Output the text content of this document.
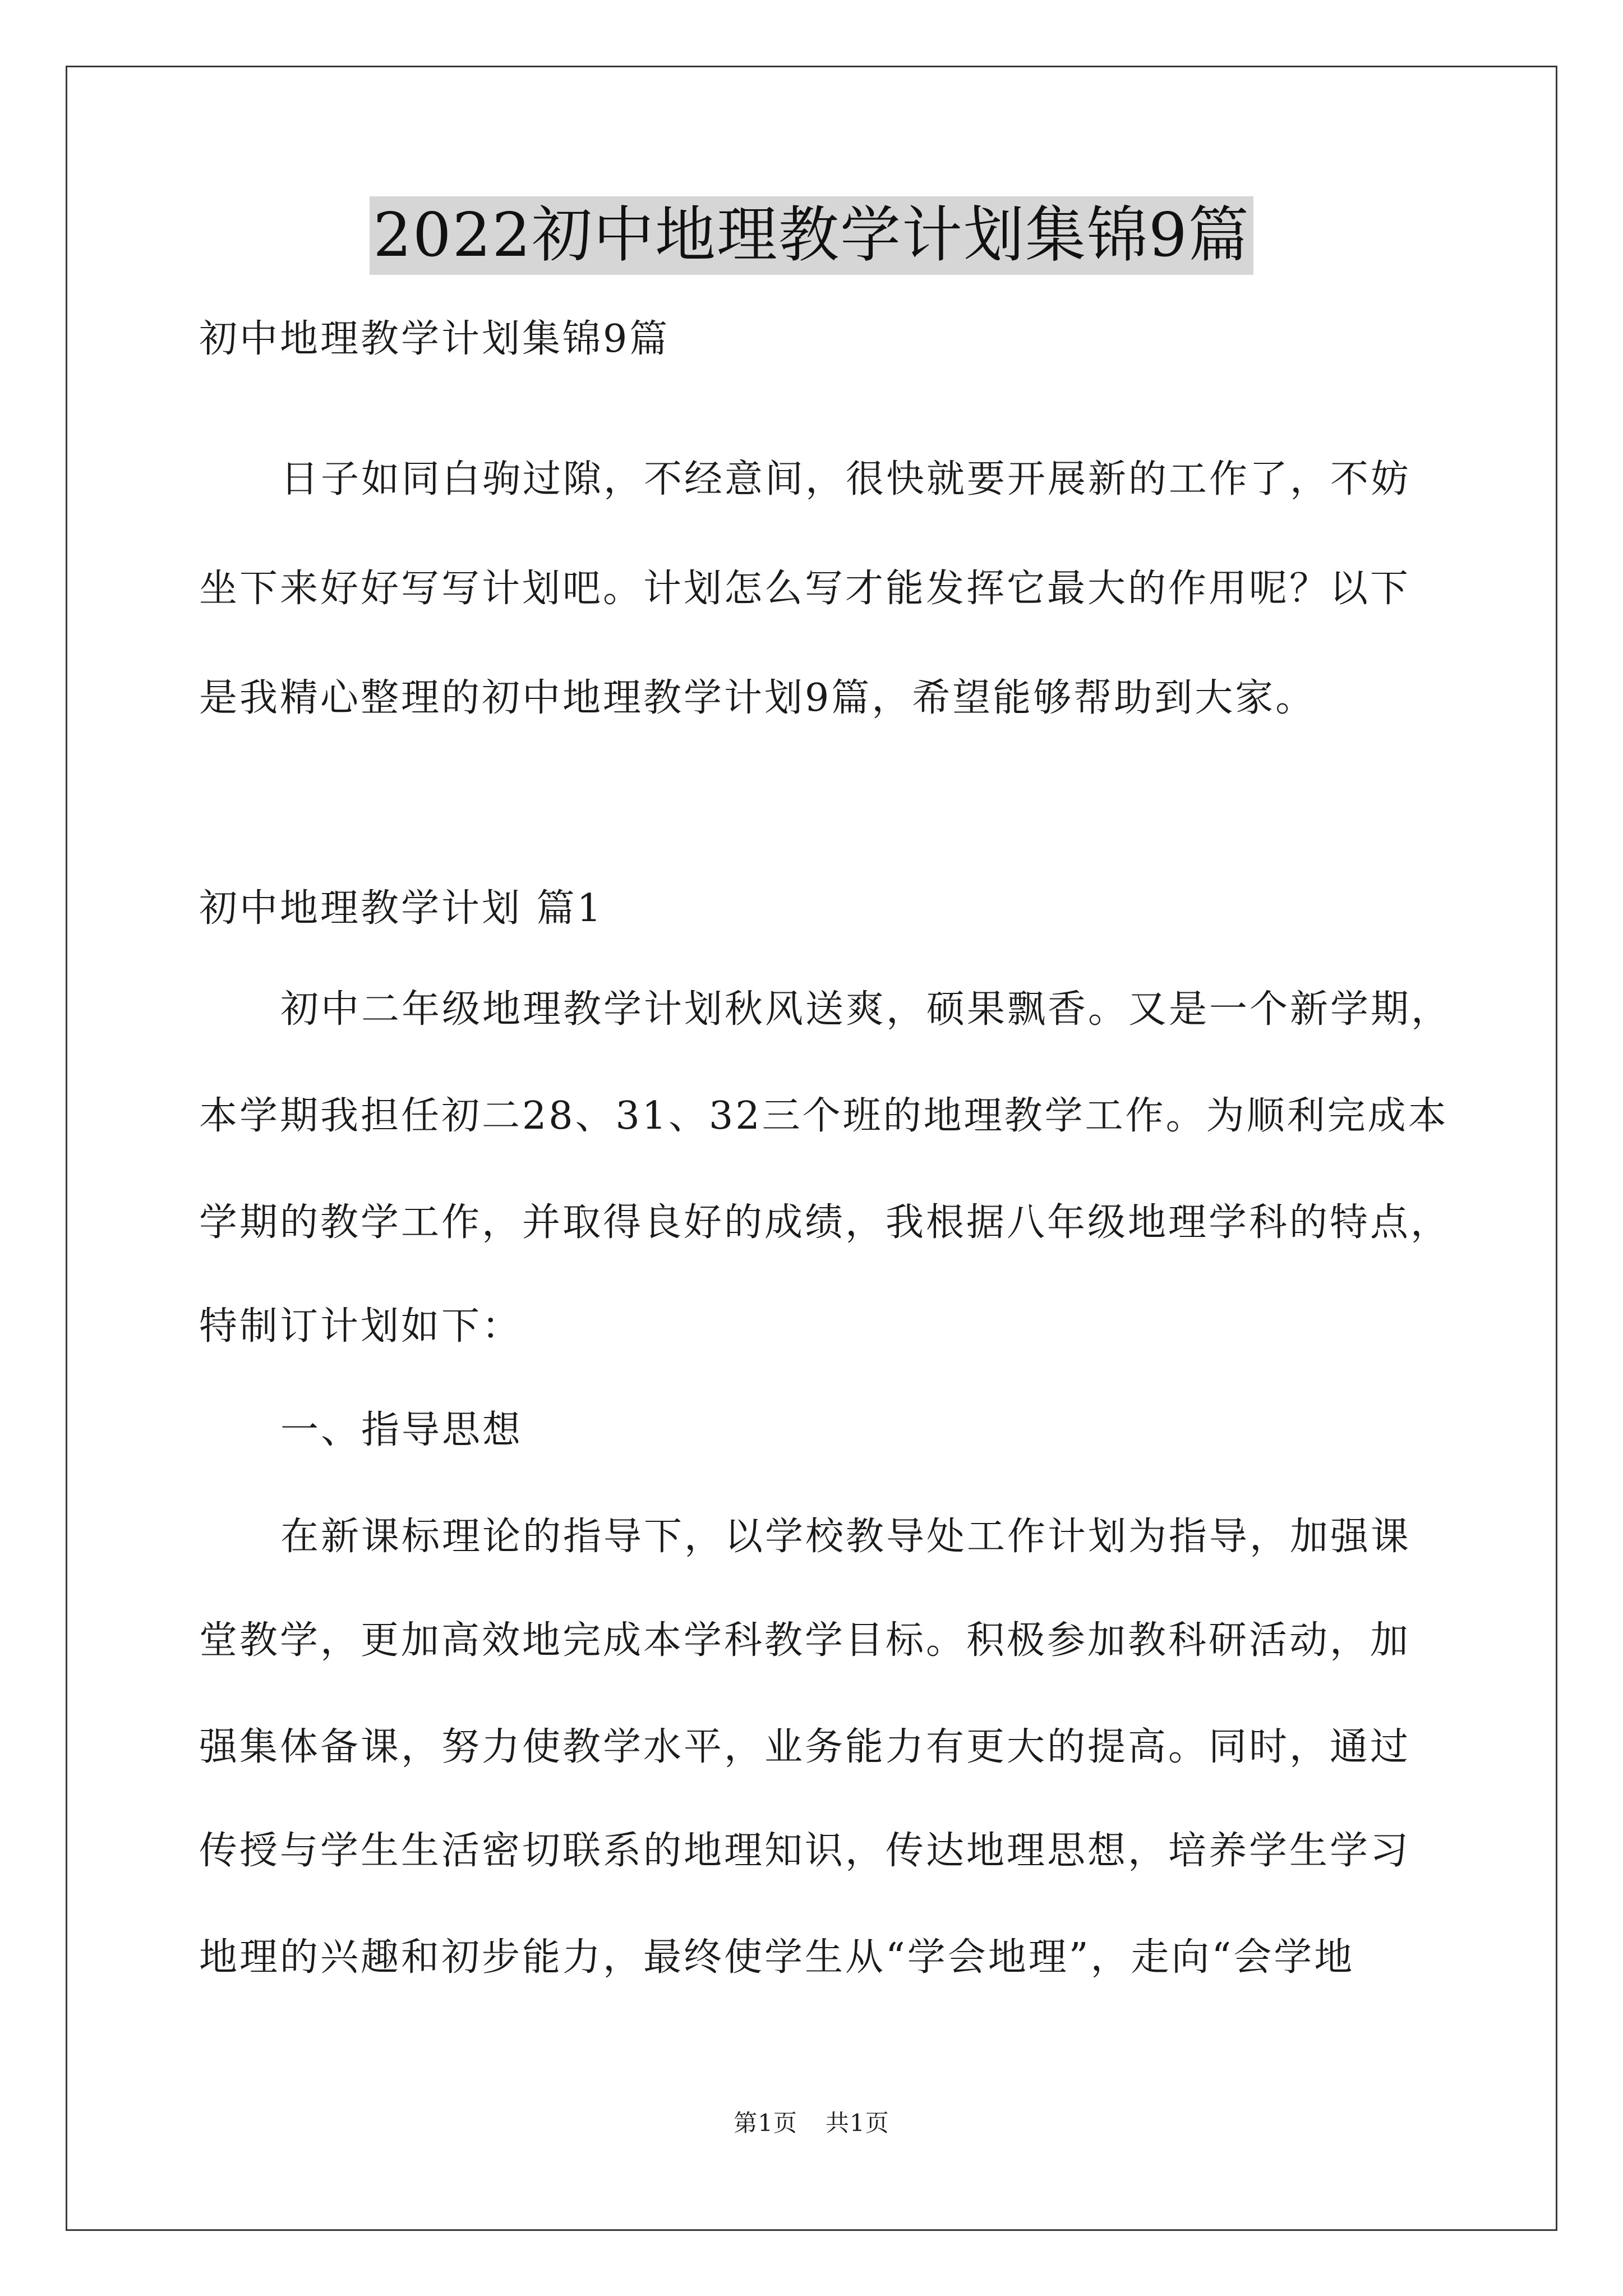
2022初中地理教学计划集锦9篇
初中地理教学计划集锦9篇
日子如同白驹过隙，不经意间，很快就要开展新的工作了，不妨
坐下来好好写写计划吧。计划怎么写才能发挥它最大的作用呢？以下
是我精心整理的初中地理教学计划9篇，希望能够帮助到大家。
初中地理教学计划 篇1
初中二年级地理教学计划秋风送爽，硕果飘香。又是一个新学期，
本学期我担任初二28、31、32三个班的地理教学工作。为顺利完成本
学期的教学工作，并取得良好的成绩，我根据八年级地理学科的特点，
特制订计划如下：
一、指导思想
在新课标理论的指导下，以学校教导处工作计划为指导，加强课
堂教学，更加高效地完成本学科教学目标。积极参加教科研活动，加
强集体备课，努力使教学水平，业务能力有更大的提高。同时，通过
传授与学生生活密切联系的地理知识，传达地理思想，培养学生学习
地理的兴趣和初步能力，最终使学生从“学会地理”，走向“会学地
第1页 共1页
